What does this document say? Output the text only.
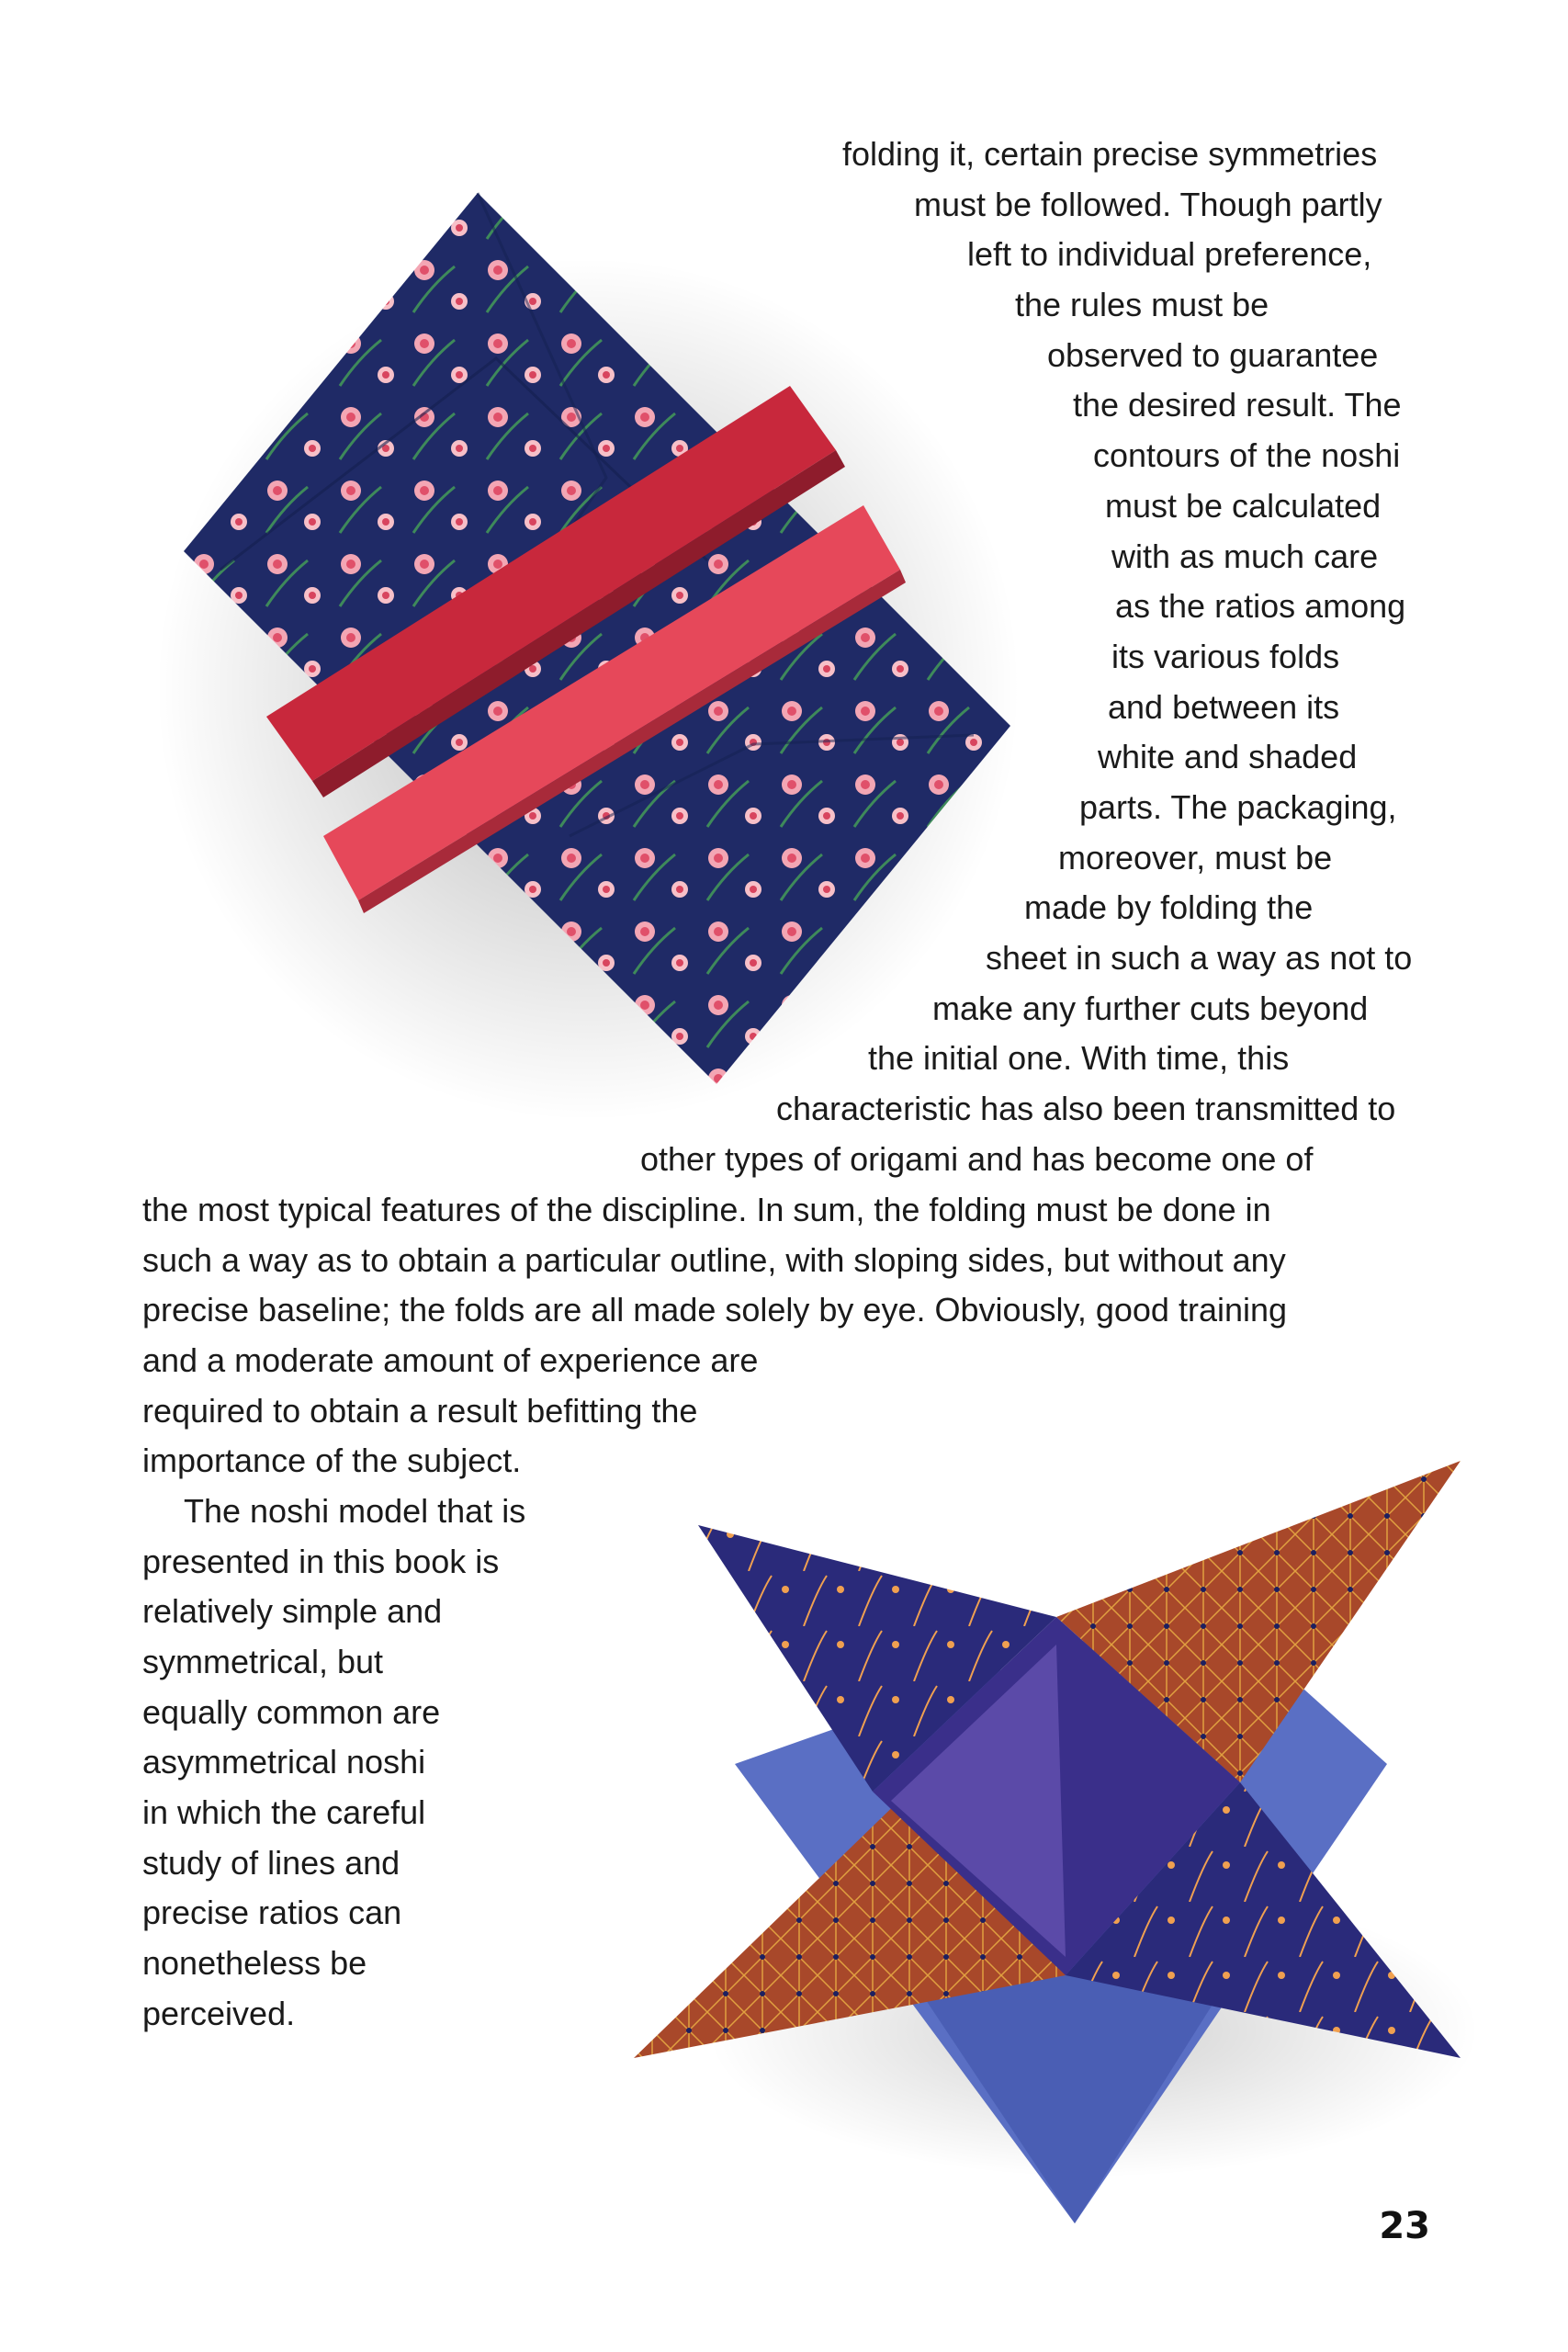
folding it, certain precise symmetries

must be followed. Though partly

left to individual preference,

the rules must be

observed to guarantee

the desired result. The

contours of the noshi

must be calculated

with as much care

as the ratios among

its various folds

and between its

white and shaded

parts. The packaging,

moreover, must be

made by folding the

sheet in such a way as not to

make any further cuts beyond

the initial one. With time, this

characteristic has also been transmitted to

other types of origami and has become one of

the most typical features of the discipline. In sum, the folding must be done in

such a way as to obtain a particular outline, with sloping sides, but without any

precise baseline; the folds are all made solely by eye. Obviously, good training

and a moderate amount of experience are

required to obtain a result befitting the

importance of the subject.

The noshi model that is

presented in this book is

relatively simple and

symmetrical, but

equally common are

asymmetrical noshi

in which the careful

study of lines and

precise ratios can

nonetheless be

perceived.

23
